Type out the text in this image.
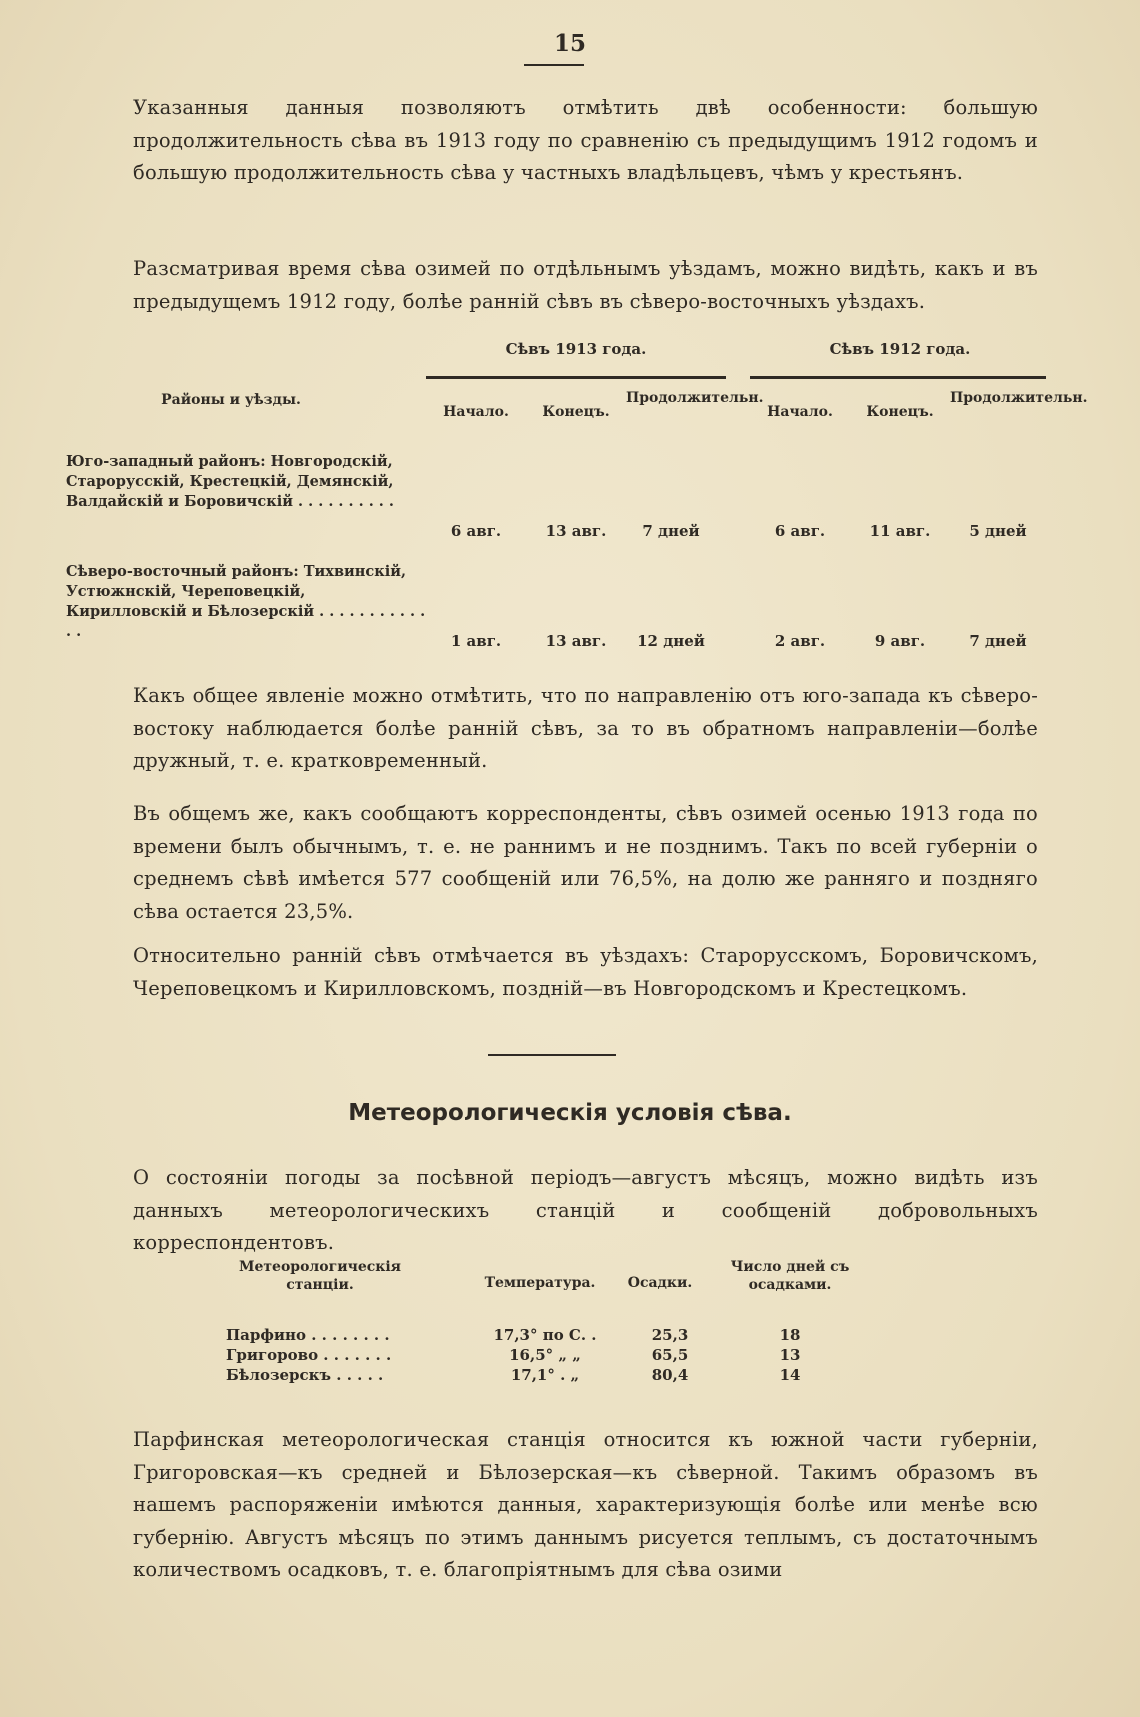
15

Указанныя данныя позволяютъ отмѣтить двѣ особенности: большую продолжительность сѣва въ 1913 году по сравненію съ предыдущимъ 1912 годомъ и большую продолжительность сѣва у частныхъ владѣльцевъ, чѣмъ у крестьянъ.

Разсматривая время сѣва озимей по отдѣльнымъ уѣздамъ, можно видѣть, какъ и въ предыдущемъ 1912 году, болѣе ранній сѣвъ въ сѣверо-восточныхъ уѣздахъ.

Сѣвъ 1913 года.	Сѣвъ 1912 года.
Районы и уѣзды.
Начало.	Конецъ.
Продолжительн.
Начало.	Конецъ.
Продолжительн.
Юго-западный районъ: Новгородскій, Старорусскій, Крестецкій, Демянскій, Валдайскій и Боровичскій . . . . . . . . . .
6 авг.	13 авг.	7 дней	6 авг.	11 авг.	5 дней
Сѣверо-восточный районъ: Тихвинскій, Устюжнскій, Череповецкій, Кирилловскій и Бѣлозерскій . . . . . . . . . . . . .
1 авг.	13 авг.	12 дней	2 авг.	9 авг.	7 дней

Какъ общее явленіе можно отмѣтить, что по направленію отъ юго-запада къ сѣверо-востоку наблюдается болѣе ранній сѣвъ, за то въ обратномъ направленіи—болѣе дружный, т. е. кратковременный.

Въ общемъ же, какъ сообщаютъ корреспонденты, сѣвъ озимей осенью 1913 года по времени былъ обычнымъ, т. е. не раннимъ и не позднимъ. Такъ по всей губерніи о среднемъ сѣвѣ имѣется 577 сообщеній или 76,5%, на долю же ранняго и поздняго сѣва остается 23,5%.

Относительно ранній сѣвъ отмѣчается въ уѣздахъ: Старорусскомъ, Боровичскомъ, Череповецкомъ и Кирилловскомъ, поздній—въ Новгородскомъ и Крестецкомъ.

Метеорологическія условія сѣва.

О состояніи погоды за посѣвной періодъ—августъ мѣсяцъ, можно видѣть изъ данныхъ метеорологическихъ станцій и сообщеній добровольныхъ корреспондентовъ.

Метеорологическія станціи.	Температура.	Осадки.
Число дней съ осадками.
Парфино . . . . . . . .	17,3° по С. .	25,3	18
Григорово . . . . . . .	16,5° „ „	65,5	13
Бѣлозерскъ . . . . .	17,1° . „	80,4	14

Парфинская метеорологическая станція относится къ южной части губерніи, Григоровская—къ средней и Бѣлозерская—къ сѣверной. Такимъ образомъ въ нашемъ распоряженіи имѣются данныя, характеризующія болѣе или менѣе всю губернію. Августъ мѣсяцъ по этимъ даннымъ рисуется теплымъ, съ достаточнымъ количествомъ осадковъ, т. е. благопріятнымъ для сѣва озими
